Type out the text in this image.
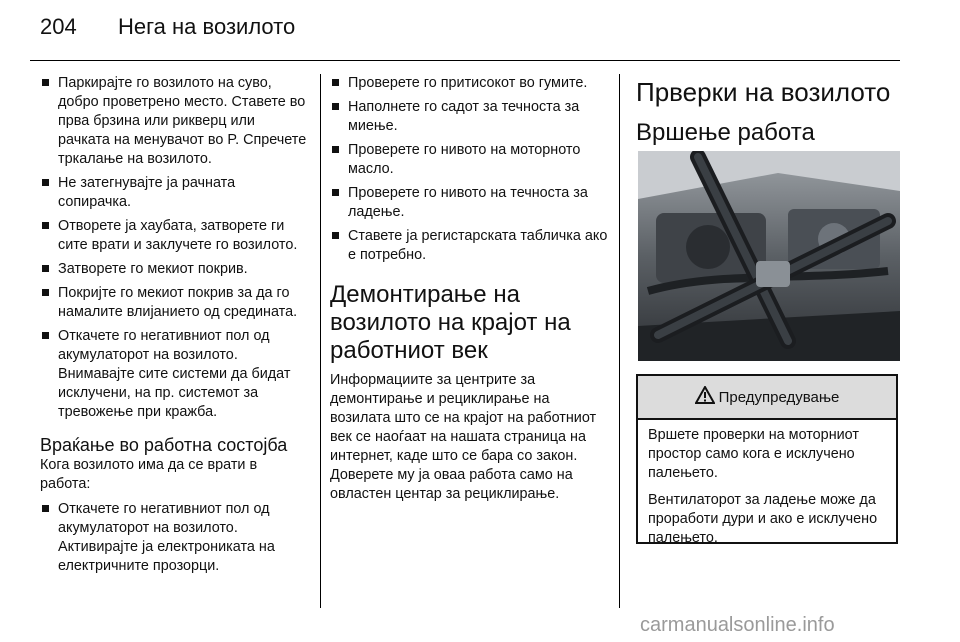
204 Нега на возилото
Паркирајте го возилото на суво, добро проветрено место. Ставете во прва брзина или рикверц или рачката на менувачот во P. Спречете тркалање на возилото.
Не затегнувајте ја рачната сопирачка.
Отворете ја хаубата, затворете ги сите врати и заклучете го возилото.
Затворете го мекиот покрив.
Покријте го мекиот покрив за да го намалите влијанието од средината.
Откачете го негативниот пол од акумулаторот на возилото. Внимавајте сите системи да бидат исклучени, на пр. системот за тревожење при кражба.
Враќање во работна состојба

Кога возилото има да се врати в работа:

Откачете го негативниот пол од акумулаторот на возилото. Активирајте ја електрониката на електричните прозорци.
Проверете го притисокот во гумите.
Наполнете го садот за течноста за миење.
Проверете го нивото на моторното масло.
Проверете го нивото на течноста за ладење.
Ставете ја регистарската табличка ако е потребно.
Демонтирање на возилото на крајот на работниот век

Информациите за центрите за демонтирање и рециклирање на возилата што се на крајот на работниот век се наоѓаат на нашата страница на интернет, каде што се бара со закон. Доверете му ја оваа работа само на овластен центар за рециклирање.

Прверки на возилото
Вршење работа
Предупредување

Вршете проверки на моторниот простор само кога е исклучено палењето.

Вентилаторот за ладење може да проработи дури и ако е исклучено палењето.

carmanualsonline.info
